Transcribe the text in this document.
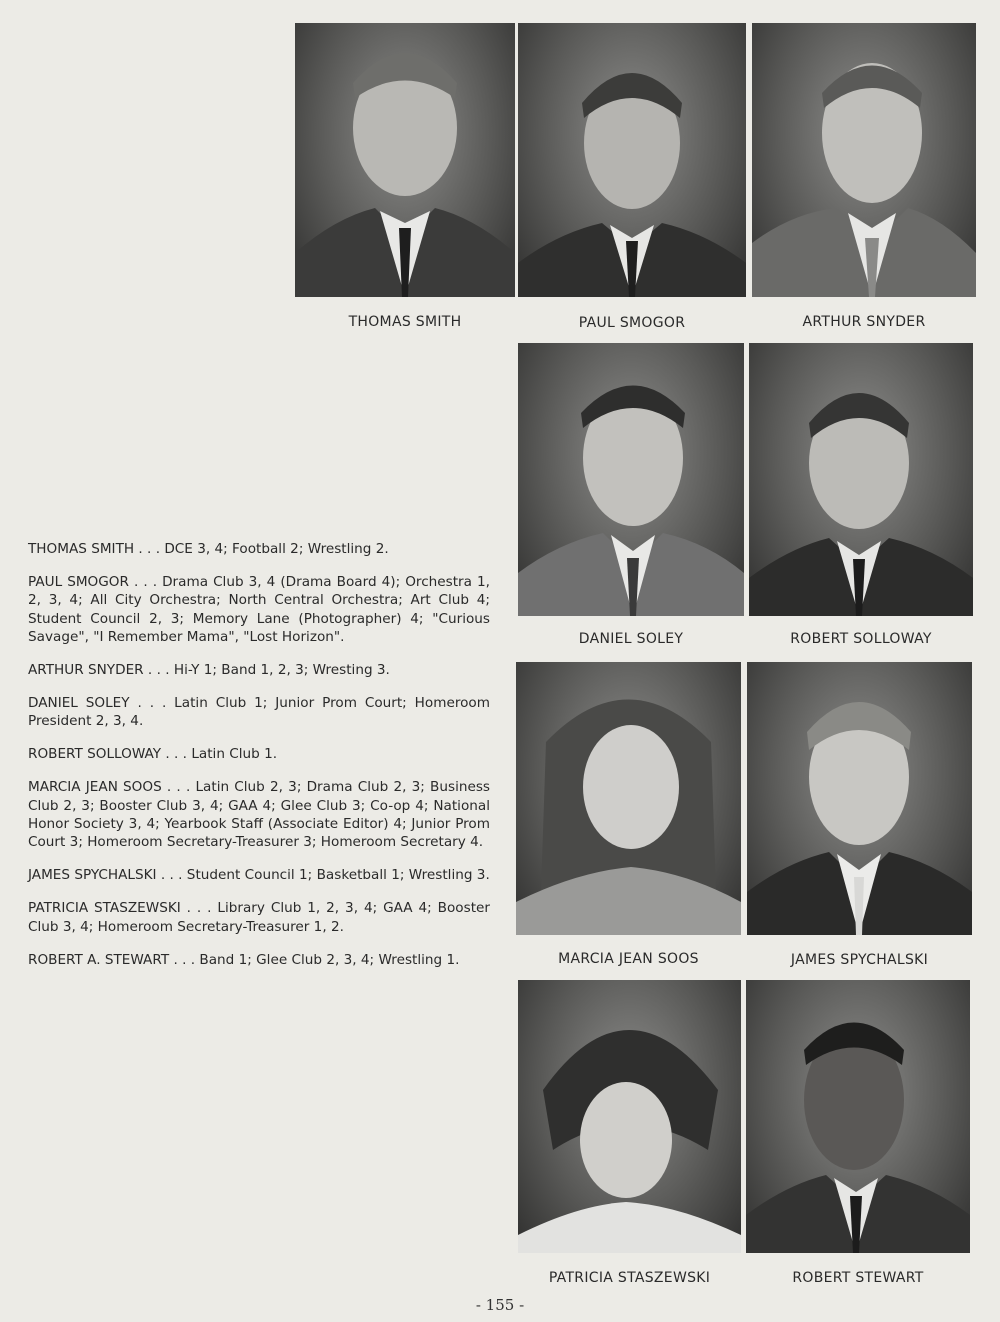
THOMAS SMITH	PAUL SMOGOR	ARTHUR SNYDER
DANIEL SOLEY	ROBERT SOLLOWAY
MARCIA JEAN SOOS	JAMES SPYCHALSKI
PATRICIA STASZEWSKI	ROBERT STEWART

THOMAS SMITH . . . DCE 3, 4; Football 2; Wrestling 2.

PAUL SMOGOR . . . Drama Club 3, 4 (Drama Board 4); Orchestra 1, 2, 3, 4; All City Orchestra; North Central Orchestra; Art Club 4; Student Council 2, 3; Memory Lane (Photographer) 4; "Curious Savage", "I Remember Mama", "Lost Horizon".

ARTHUR SNYDER . . . Hi-Y 1; Band 1, 2, 3; Wresting 3.

DANIEL SOLEY . . . Latin Club 1; Junior Prom Court; Homeroom President 2, 3, 4.

ROBERT SOLLOWAY . . . Latin Club 1.

MARCIA JEAN SOOS . . . Latin Club 2, 3; Drama Club 2, 3; Business Club 2, 3; Booster Club 3, 4; GAA 4; Glee Club 3; Co-op 4; National Honor Society 3, 4; Yearbook Staff (Associate Editor) 4; Junior Prom Court 3; Homeroom Secretary-Treasurer 3; Homeroom Secretary 4.

JAMES SPYCHALSKI . . . Student Council 1; Basketball 1; Wrestling 3.

PATRICIA STASZEWSKI . . . Library Club 1, 2, 3, 4; GAA 4; Booster Club 3, 4; Homeroom Secretary-Treasurer 1, 2.

ROBERT A. STEWART . . . Band 1; Glee Club 2, 3, 4; Wrestling 1.

- 155 -
